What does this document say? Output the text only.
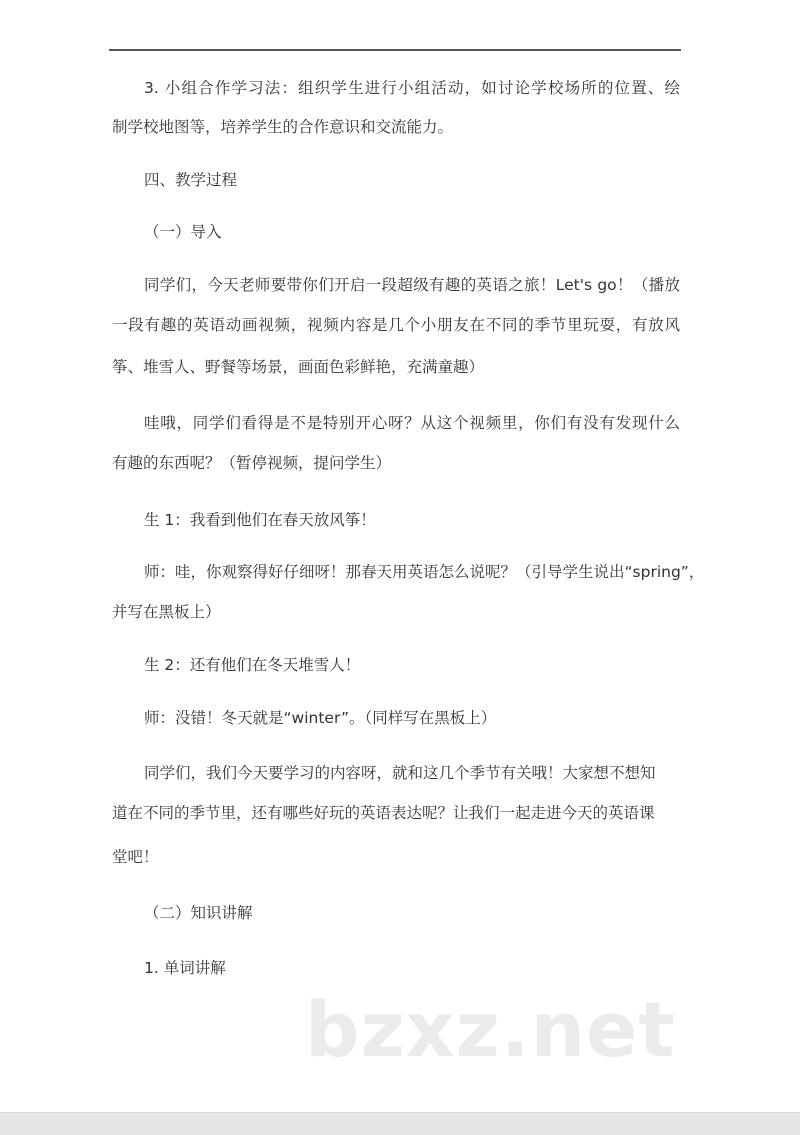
3. 小组合作学习法：组织学生进行小组活动，如讨论学校场所的位置、绘
制学校地图等，培养学生的合作意识和交流能力。
四、教学过程
（一）导入
同学们，今天老师要带你们开启一段超级有趣的英语之旅！Let's go！（播放
一段有趣的英语动画视频，视频内容是几个小朋友在不同的季节里玩耍，有放风
筝、堆雪人、野餐等场景，画面色彩鲜艳，充满童趣）
哇哦，同学们看得是不是特别开心呀？从这个视频里，你们有没有发现什么
有趣的东西呢？（暂停视频，提问学生）
生 1：我看到他们在春天放风筝！
师：哇，你观察得好仔细呀！那春天用英语怎么说呢？（引导学生说出“spring”，
并写在黑板上）
生 2：还有他们在冬天堆雪人！
师：没错！冬天就是“winter”。（同样写在黑板上）
同学们，我们今天要学习的内容呀，就和这几个季节有关哦！大家想不想知
道在不同的季节里，还有哪些好玩的英语表达呢？让我们一起走进今天的英语课
堂吧！
（二）知识讲解
1. 单词讲解
bzxz.net
